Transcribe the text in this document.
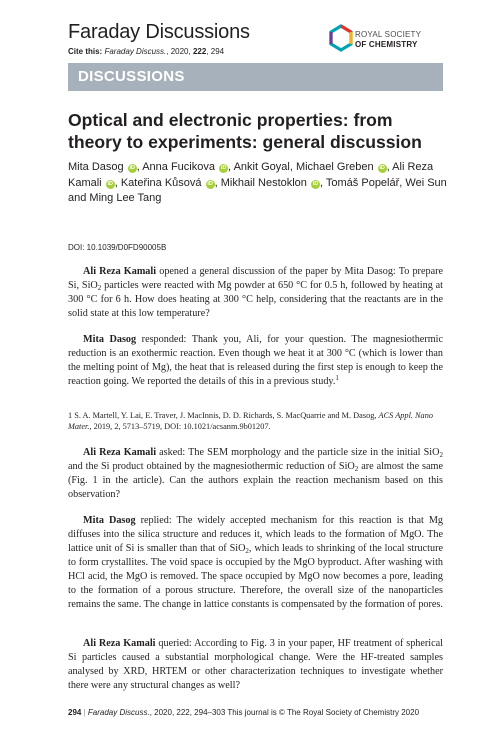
Faraday Discussions
Cite this: Faraday Discuss., 2020, 222, 294
ROYAL SOCIETY
OF CHEMISTRY
DISCUSSIONS
Optical and electronic properties: from theory to experiments: general discussion
Mita Dasog iD , Anna Fucikova iD , Ankit Goyal, Michael Greben iD , Ali Reza Kamali iD , Kateřina Kůsová iD , Mikhail Nestoklon iD , Tomáš Popelář, Wei Sun and Ming Lee Tang
DOI: 10.1039/D0FD90005B

Ali Reza Kamali opened a general discussion of the paper by Mita Dasog: To prepare Si, SiO$_2$ particles were reacted with Mg powder at 650 °C for 0.5 h, followed by heating at 300 °C for 6 h. How does heating at 300 °C help, considering that the reactants are in the solid state at this low temperature?

Mita Dasog responded: Thank you, Ali, for your question. The magnesiothermic reduction is an exothermic reaction. Even though we heat it at 300 °C (which is lower than the melting point of Mg), the heat that is released during the first step is enough to keep the reaction going. We reported the details of this in a previous study.$^1$

1 S. A. Martell, Y. Lai, E. Traver, J. MacInnis, D. D. Richards, S. MacQuarrie and M. Dasog, ACS Appl. Nano Mater., 2019, 2, 5713–5719, DOI: 10.1021/acsanm.9b01207.

Ali Reza Kamali asked: The SEM morphology and the particle size in the initial SiO$_2$ and the Si product obtained by the magnesiothermic reduction of SiO$_2$ are almost the same (Fig. 1 in the article). Can the authors explain the reaction mechanism based on this observation?

Mita Dasog replied: The widely accepted mechanism for this reaction is that Mg diffuses into the silica structure and reduces it, which leads to the formation of MgO. The lattice unit of Si is smaller than that of SiO$_2$, which leads to shrinking of the local structure to form crystallites. The void space is occupied by the MgO byproduct. After washing with HCl acid, the MgO is removed. The space occupied by MgO now becomes a pore, leading to the formation of a porous structure. Therefore, the overall size of the nanoparticles remains the same. The change in lattice constants is compensated by the formation of pores.

Ali Reza Kamali queried: According to Fig. 3 in your paper, HF treatment of spherical Si particles caused a substantial morphological change. Were the HF-treated samples analysed by XRD, HRTEM or other characterization techniques to investigate whether there were any structural changes as well?

294 | Faraday Discuss., 2020, 222, 294–303 This journal is © The Royal Society of Chemistry 2020
